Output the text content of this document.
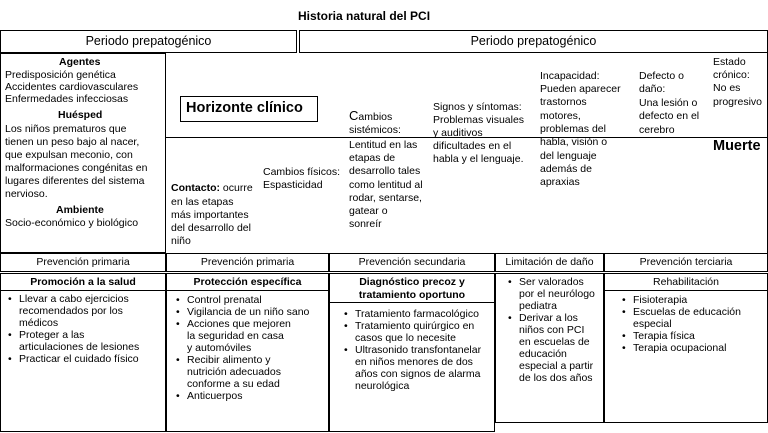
Historia natural del PCI
Periodo prepatogénico	Periodo prepatogénico
Agentes
Predisposición genética
Accidentes cardiovasculares
Enfermedades infecciosas
Huésped
Los niños prematuros que
tienen un peso bajo al nacer,
que expulsan meconio, con
malformaciones congénitas en
lugares diferentes del sistema
nervioso.
Ambiente
Socio-económico y biológico
Horizonte clínico
Contacto: ocurre
en las etapas
más importantes
del desarrollo del
niño
Cambios físicos:
Espasticidad
Cambios
sistémicos:
Lentitud en las
etapas de
desarrollo tales
como lentitud al
rodar, sentarse,
gatear o
sonreír
Signos y síntomas:
Problemas visuales
y auditivos
dificultades en el
habla y el lenguaje.
Incapacidad:
Pueden aparecer
trastornos
motores,
problemas del
habla, visión o
del lenguaje
además de
apraxias
Defecto o
daño:
Una lesión o
defecto en el
cerebro
Estado
crónico:
No es
progresivo
Muerte
Prevención primaria	Prevención primaria	Prevención secundaria	Limitación de daño	Prevención terciaria
Promoción a la salud
• Llevar a cabo ejercicios
recomendados por los
médicos
• Proteger a las
articulaciones de lesiones
• Practicar el cuidado físico
Protección específica
• Control prenatal
• Vigilancia de un niño sano
• Acciones que mejoren
la seguridad en casa
y automóviles
• Recibir alimento y
nutrición adecuados
conforme a su edad
• Anticuerpos
Diagnóstico precoz y
tratamiento oportuno
• Tratamiento farmacológico
• Tratamiento quirúrgico en
casos que lo necesite
• Ultrasonido transfontanelar
en niños menores de dos
años con signos de alarma
neurológica
• Ser valorados
por el neurólogo
pediatra
• Derivar a los
niños con PCI
en escuelas de
educación
especial a partir
de los dos años
Rehabilitación
• Fisioterapia
• Escuelas de educación
especial
• Terapia física
• Terapia ocupacional
